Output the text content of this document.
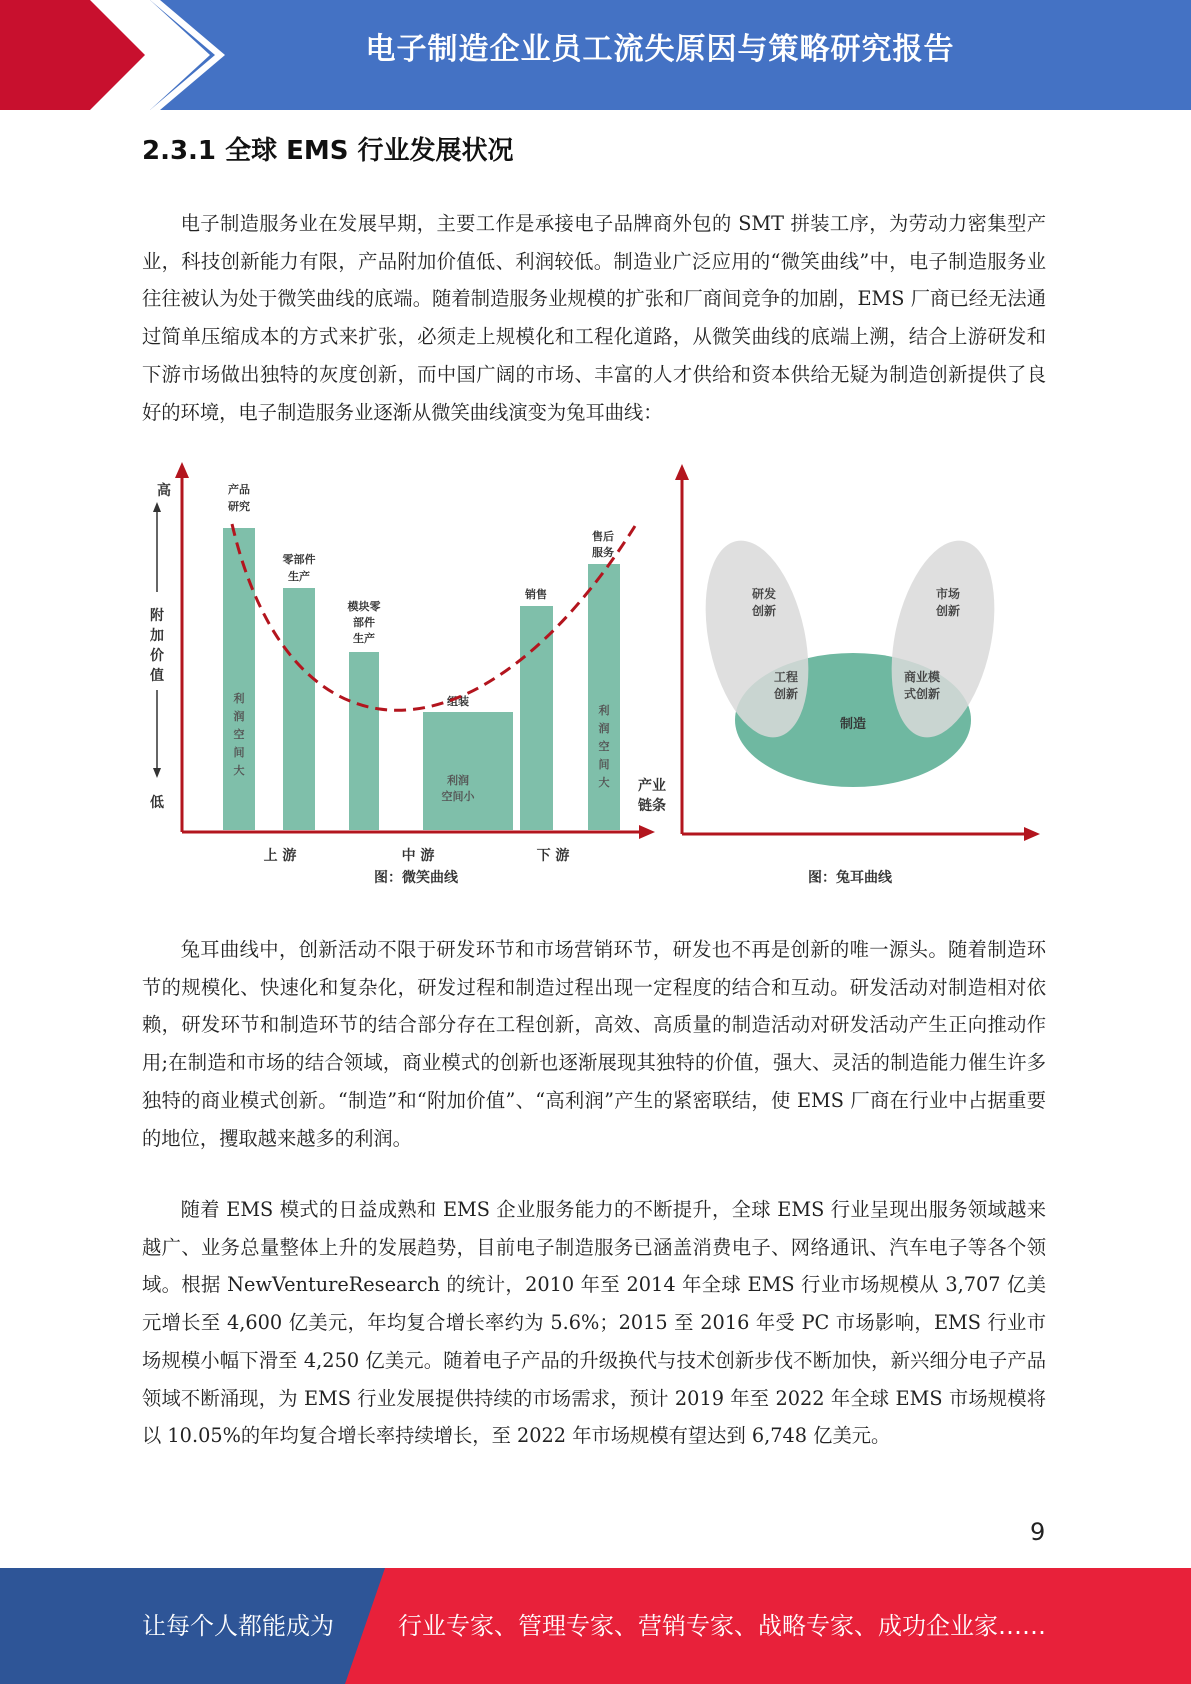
电子制造企业员工流失原因与策略研究报告
2.3.1 全球 EMS 行业发展状况

电子制造服务业在发展早期，主要工作是承接电子品牌商外包的 SMT 拼装工序，为劳动力密集型产业，科技创新能力有限，产品附加价值低、利润较低。制造业广泛应用的“微笑曲线”中，电子制造服务业往往被认为处于微笑曲线的底端。随着制造服务业规模的扩张和厂商间竞争的加剧，EMS 厂商已经无法通过简单压缩成本的方式来扩张，必须走上规模化和工程化道路，从微笑曲线的底端上溯，结合上游研发和下游市场做出独特的灰度创新，而中国广阔的市场、丰富的人才供给和资本供给无疑为制造创新提供了良好的环境，电子制造服务业逐渐从微笑曲线演变为兔耳曲线：

高
附
加
价
值
低
产品
研究
零部件
生产
模块零
部件
生产
组装
销售
售后
服务
利
润
空
间
大
利润
空间小
利
润
空
间
大 产业
链条
上 游	中 游	下 游
图：微笑曲线
研发
创新
工程
创新
市场
创新
商业模
式创新
制造
图：兔耳曲线

兔耳曲线中，创新活动不限于研发环节和市场营销环节，研发也不再是创新的唯一源头。随着制造环节的规模化、快速化和复杂化，研发过程和制造过程出现一定程度的结合和互动。研发活动对制造相对依赖，研发环节和制造环节的结合部分存在工程创新，高效、高质量的制造活动对研发活动产生正向推动作用;在制造和市场的结合领域，商业模式的创新也逐渐展现其独特的价值，强大、灵活的制造能力催生许多独特的商业模式创新。“制造”和“附加价值”、“高利润”产生的紧密联结，使 EMS 厂商在行业中占据重要的地位，攫取越来越多的利润。

随着 EMS 模式的日益成熟和 EMS 企业服务能力的不断提升，全球 EMS 行业呈现出服务领域越来越广、业务总量整体上升的发展趋势，目前电子制造服务已涵盖消费电子、网络通讯、汽车电子等各个领域。根据 NewVentureResearch 的统计，2010 年至 2014 年全球 EMS 行业市场规模从 3,707 亿美元增长至 4,600 亿美元，年均复合增长率约为 5.6%；2015 至 2016 年受 PC 市场影响，EMS 行业市场规模小幅下滑至 4,250 亿美元。随着电子产品的升级换代与技术创新步伐不断加快，新兴细分电子产品领域不断涌现，为 EMS 行业发展提供持续的市场需求，预计 2019 年至 2022 年全球 EMS 市场规模将以 10.05%的年均复合增长率持续增长，至 2022 年市场规模有望达到 6,748 亿美元。

9
让每个人都能成为	行业专家、管理专家、营销专家、战略专家、成功企业家……
